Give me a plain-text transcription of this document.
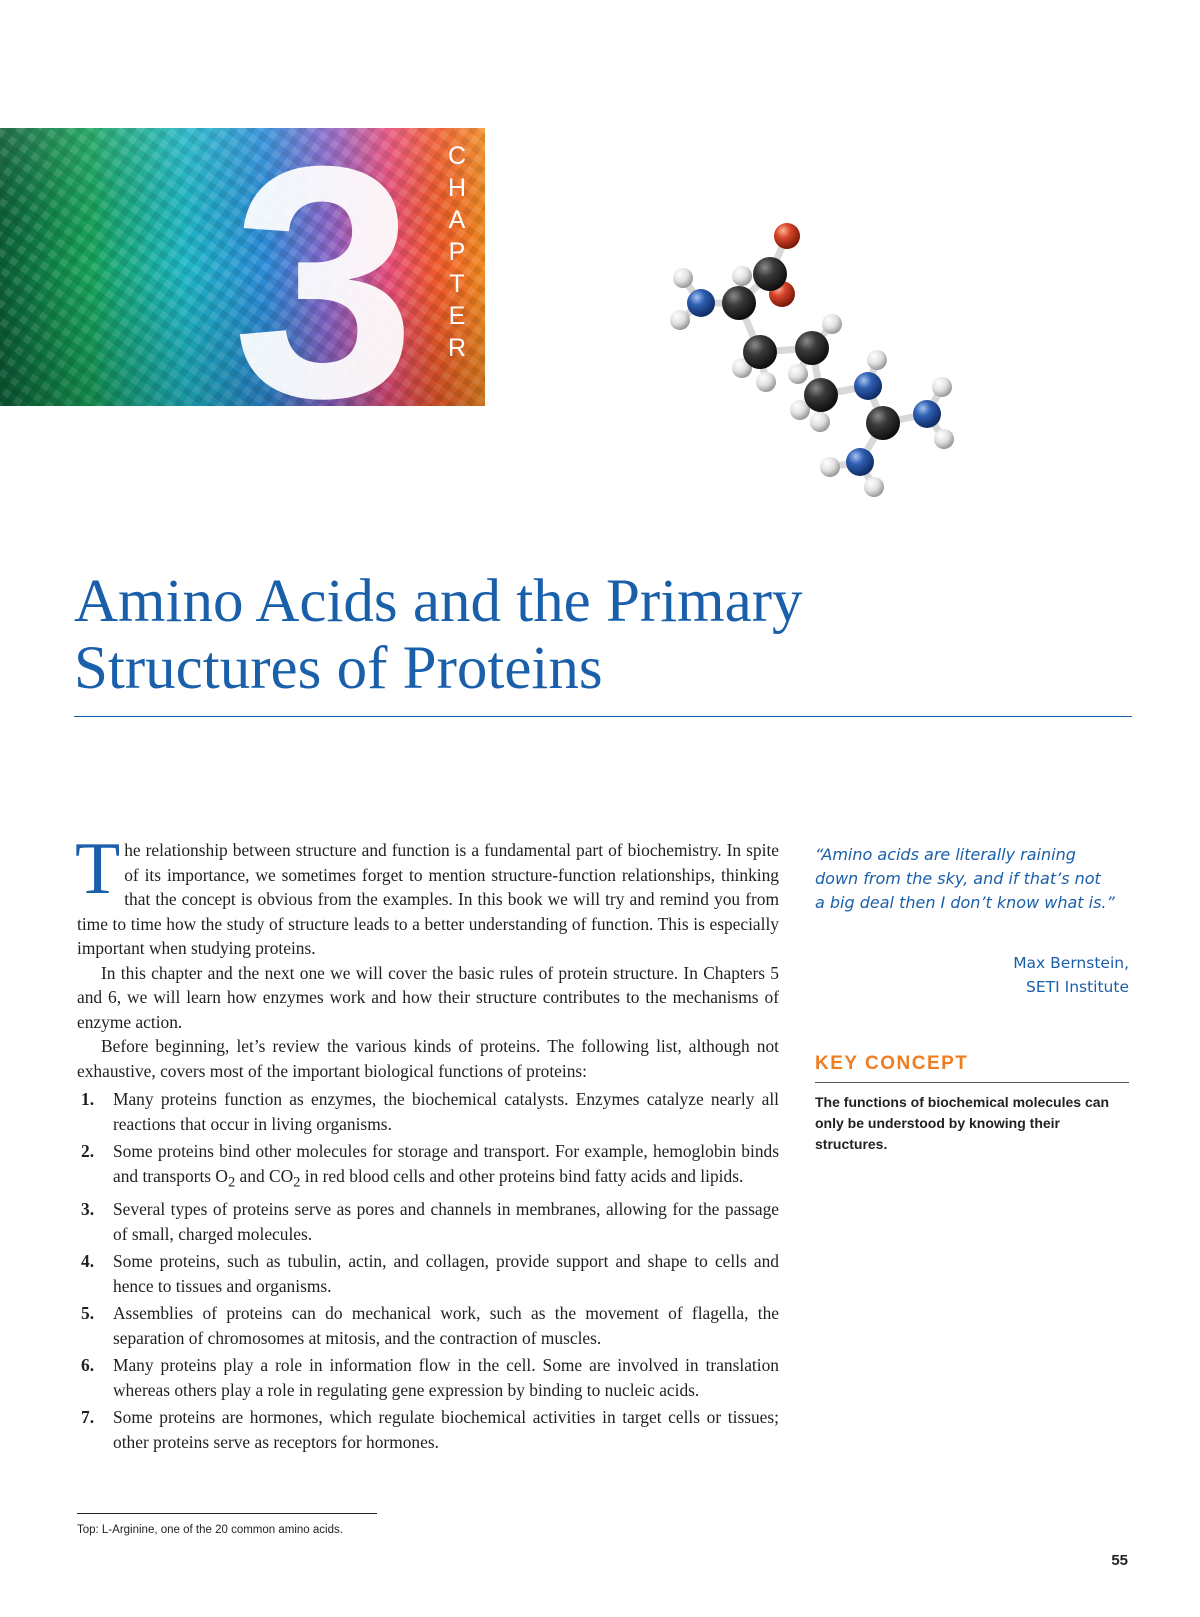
3 CHAPTER
Amino Acids and the Primary
Structures of Proteins

The relationship between structure and function is a fundamental part of biochemistry. In spite of its importance, we sometimes forget to mention structure-function relationships, thinking that the concept is obvious from the examples. In this book we will try and remind you from time to time how the study of structure leads to a better understanding of function. This is especially important when studying proteins.

In this chapter and the next one we will cover the basic rules of protein structure. In Chapters 5 and 6, we will learn how enzymes work and how their structure contributes to the mechanisms of enzyme action.

Before beginning, let’s review the various kinds of proteins. The following list, although not exhaustive, covers most of the important biological functions of proteins:

1. Many proteins function as enzymes, the biochemical catalysts. Enzymes catalyze nearly all reactions that occur in living organisms.
2. Some proteins bind other molecules for storage and transport. For example, hemoglobin binds and transports $O_2$ and $CO_2$ in red blood cells and other proteins bind fatty acids and lipids.
3. Several types of proteins serve as pores and channels in membranes, allowing for the passage of small, charged molecules.
4. Some proteins, such as tubulin, actin, and collagen, provide support and shape to cells and hence to tissues and organisms.
5. Assemblies of proteins can do mechanical work, such as the movement of flagella, the separation of chromosomes at mitosis, and the contraction of muscles.
6. Many proteins play a role in information flow in the cell. Some are involved in translation whereas others play a role in regulating gene expression by binding to nucleic acids.
7. Some proteins are hormones, which regulate biochemical activities in target cells or tissues; other proteins serve as receptors for hormones.
Top: L-Arginine, one of the 20 common amino acids.
55
“Amino acids are literally raining down from the sky, and if that’s not a big deal then I don’t know what is.”
Max Bernstein,
SETI Institute
KEY CONCEPT
The functions of biochemical molecules can only be understood by knowing their structures.
